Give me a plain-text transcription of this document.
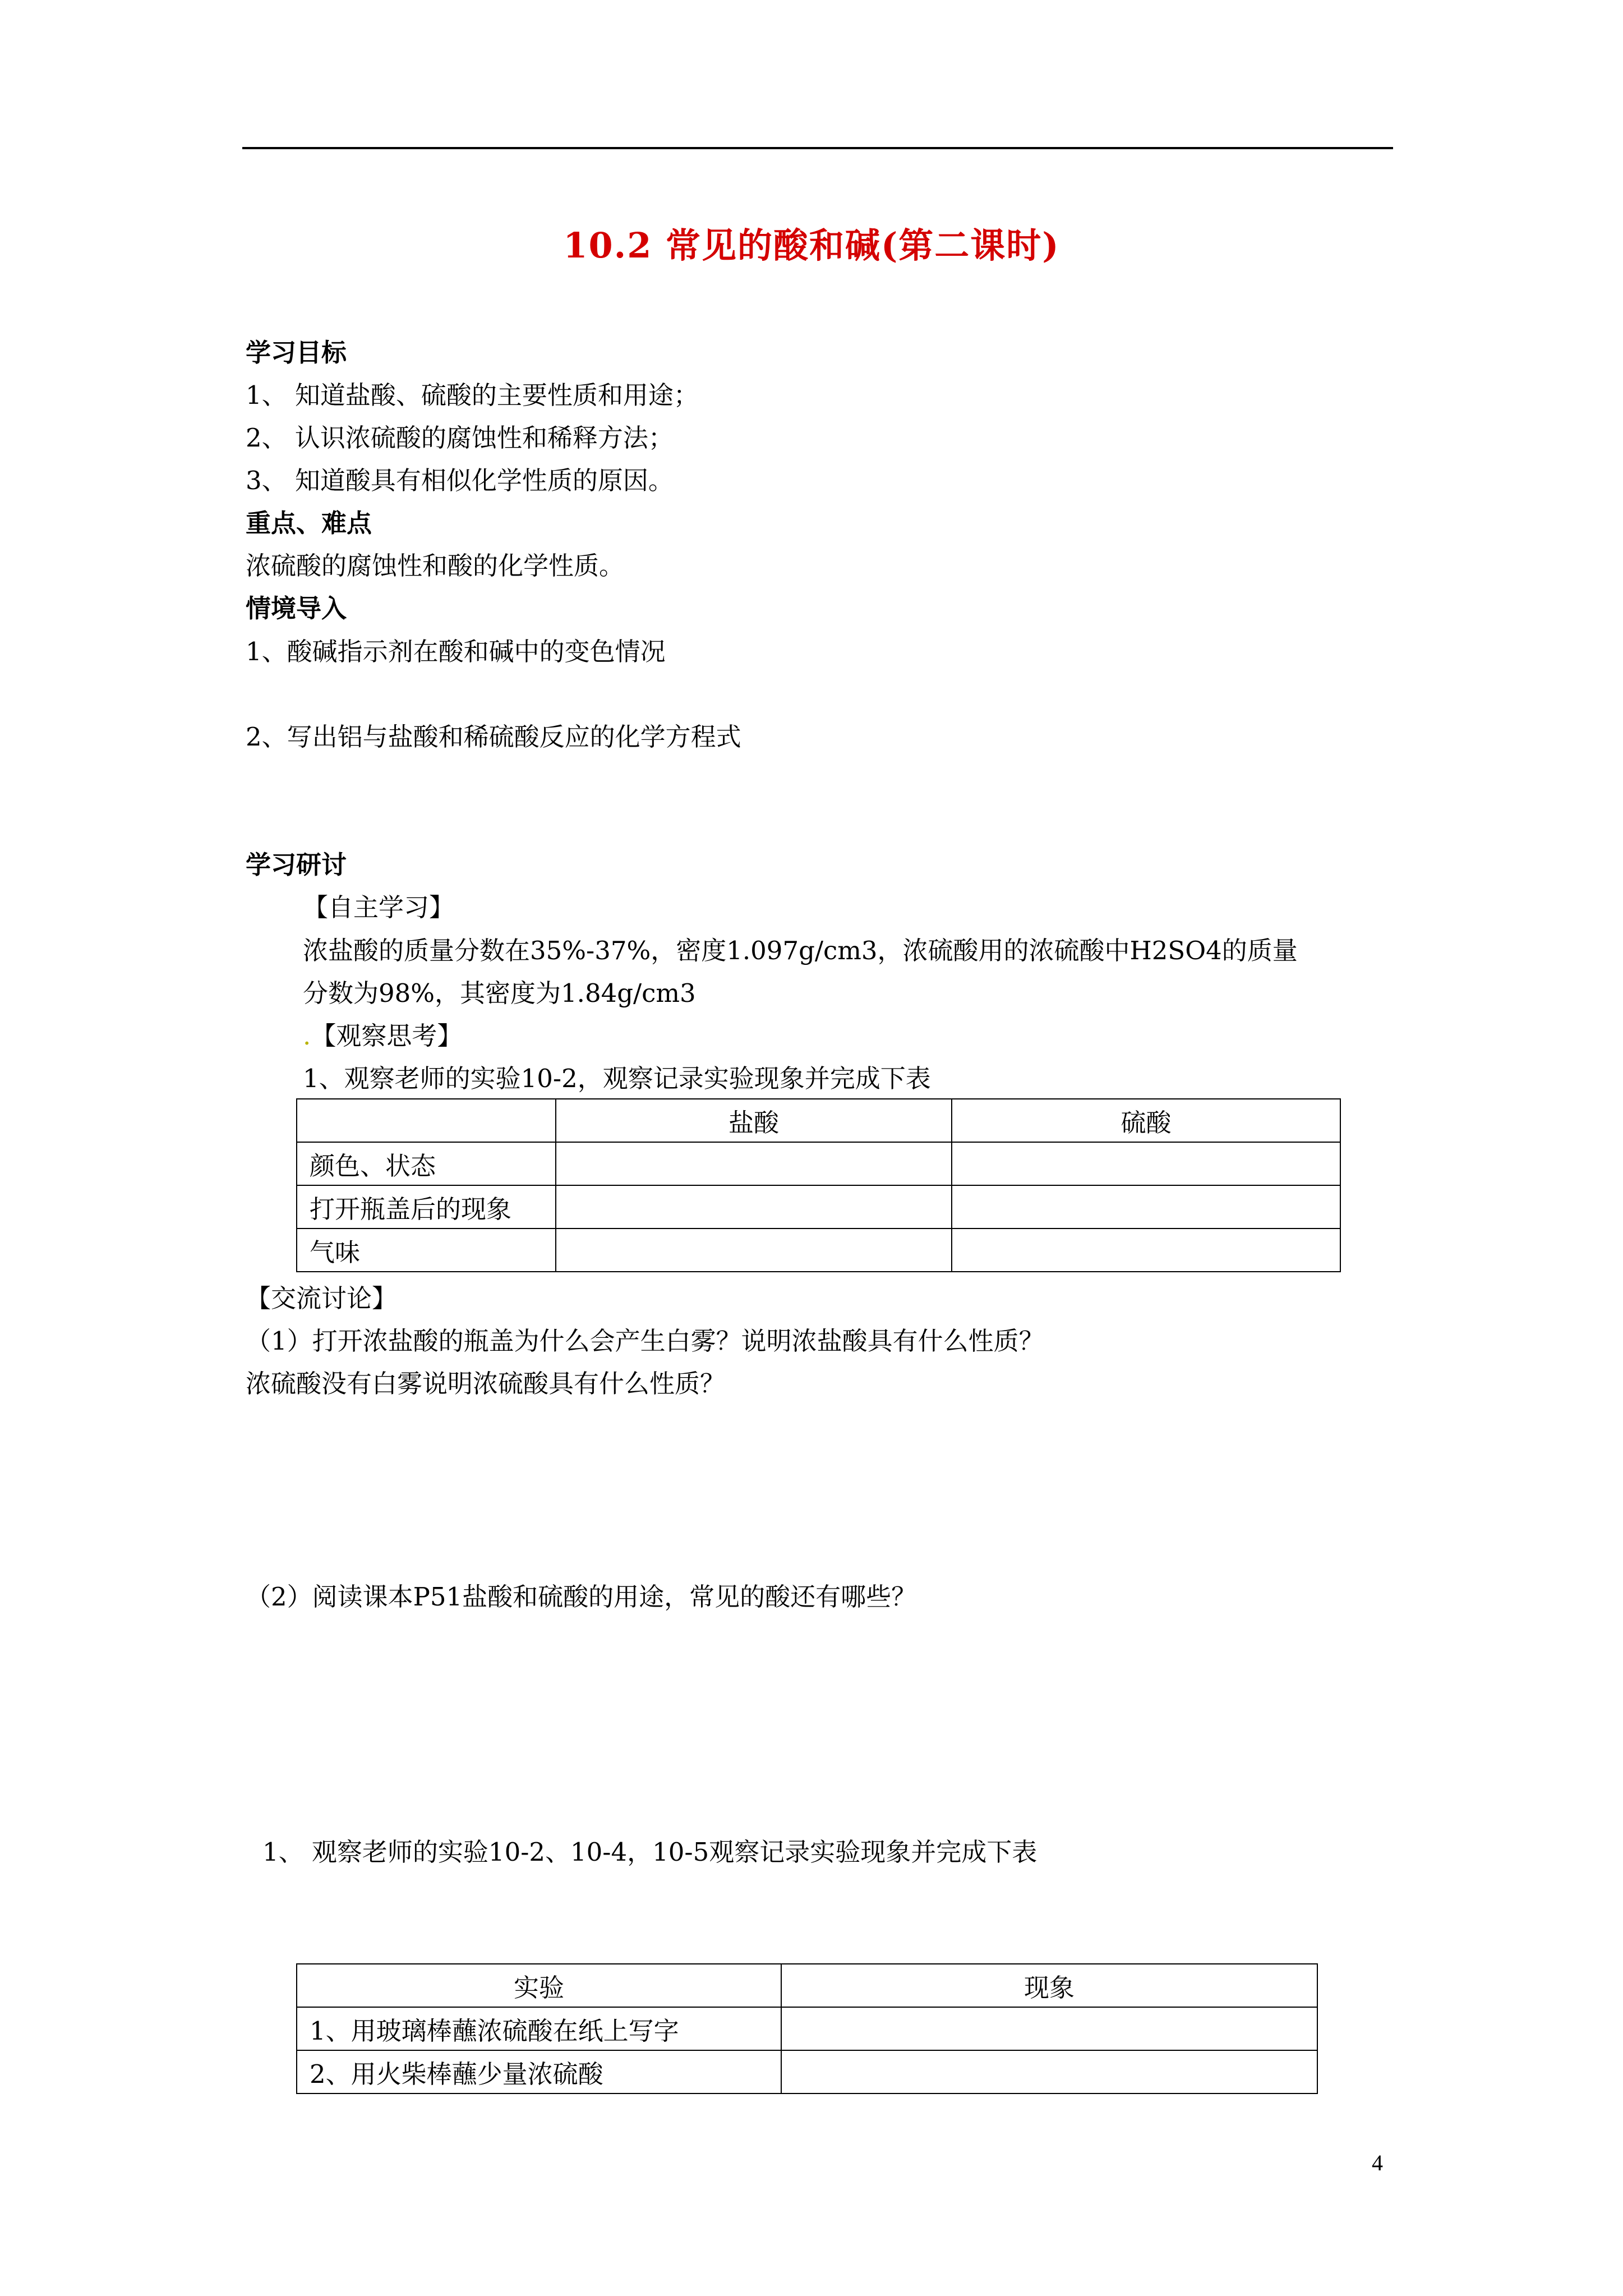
10.2 常见的酸和碱(第二课时)
学习目标
1、 知道盐酸、硫酸的主要性质和用途；
2、 认识浓硫酸的腐蚀性和稀释方法；
3、 知道酸具有相似化学性质的原因。
重点、难点
浓硫酸的腐蚀性和酸的化学性质。
情境导入
1、酸碱指示剂在酸和碱中的变色情况
2、写出铝与盐酸和稀硫酸反应的化学方程式
学习研讨
【自主学习】
浓盐酸的质量分数在35%-37%，密度1.097g/cm3，浓硫酸用的浓硫酸中H2SO4的质量
分数为98%，其密度为1.84g/cm3
.【观察思考】
1、观察老师的实验10-2，观察记录实验现象并完成下表
	盐酸	硫酸
颜色、状态		
打开瓶盖后的现象		
气味		
【交流讨论】
（1）打开浓盐酸的瓶盖为什么会产生白雾？说明浓盐酸具有什么性质？
浓硫酸没有白雾说明浓硫酸具有什么性质？
（2）阅读课本P51盐酸和硫酸的用途，常见的酸还有哪些？
1、 观察老师的实验10-2、10-4，10-5观察记录实验现象并完成下表
实验	现象
1、用玻璃棒蘸浓硫酸在纸上写字	
2、用火柴棒蘸少量浓硫酸	
4
